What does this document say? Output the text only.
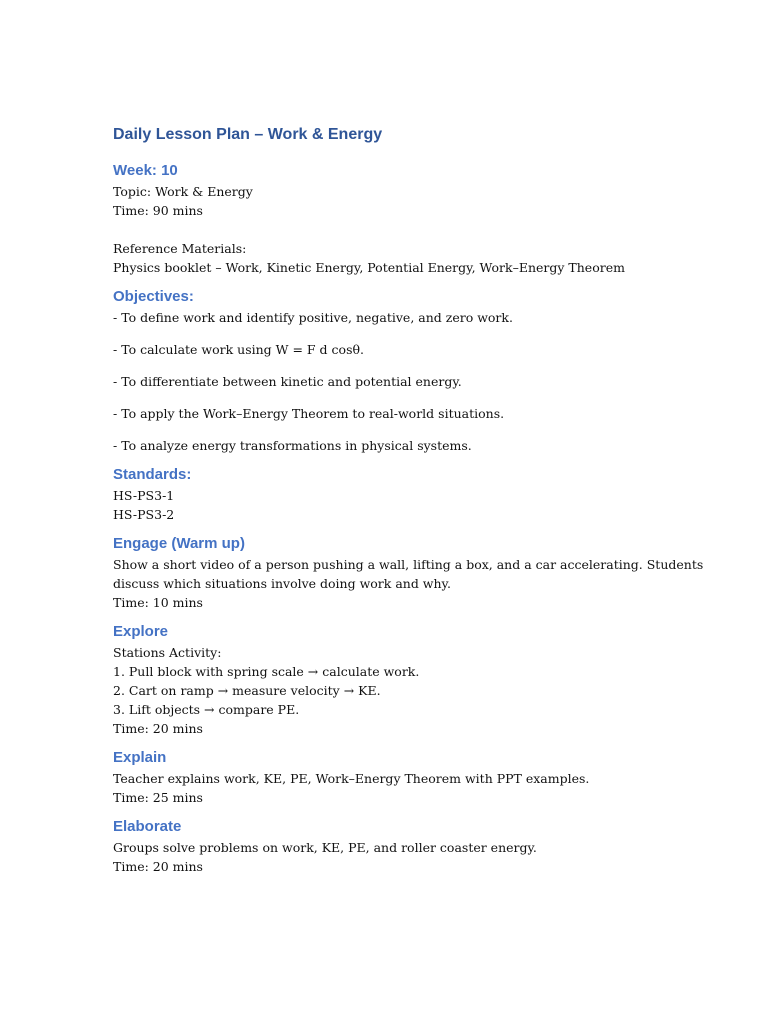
Daily Lesson Plan – Work & Energy
Week: 10

Topic: Work & Energy

Time: 90 mins

Reference Materials:

Physics booklet – Work, Kinetic Energy, Potential Energy, Work–Energy Theorem

Objectives:

- To define work and identify positive, negative, and zero work.

- To calculate work using W = F d cosθ.

- To differentiate between kinetic and potential energy.

- To apply the Work–Energy Theorem to real-world situations.

- To analyze energy transformations in physical systems.

Standards:

HS-PS3-1

HS-PS3-2

Engage (Warm up)

Show a short video of a person pushing a wall, lifting a box, and a car accelerating. Students discuss which situations involve doing work and why.

Time: 10 mins

Explore

Stations Activity:

1. Pull block with spring scale → calculate work.

2. Cart on ramp → measure velocity → KE.

3. Lift objects → compare PE.

Time: 20 mins

Explain

Teacher explains work, KE, PE, Work–Energy Theorem with PPT examples.

Time: 25 mins

Elaborate

Groups solve problems on work, KE, PE, and roller coaster energy.

Time: 20 mins
